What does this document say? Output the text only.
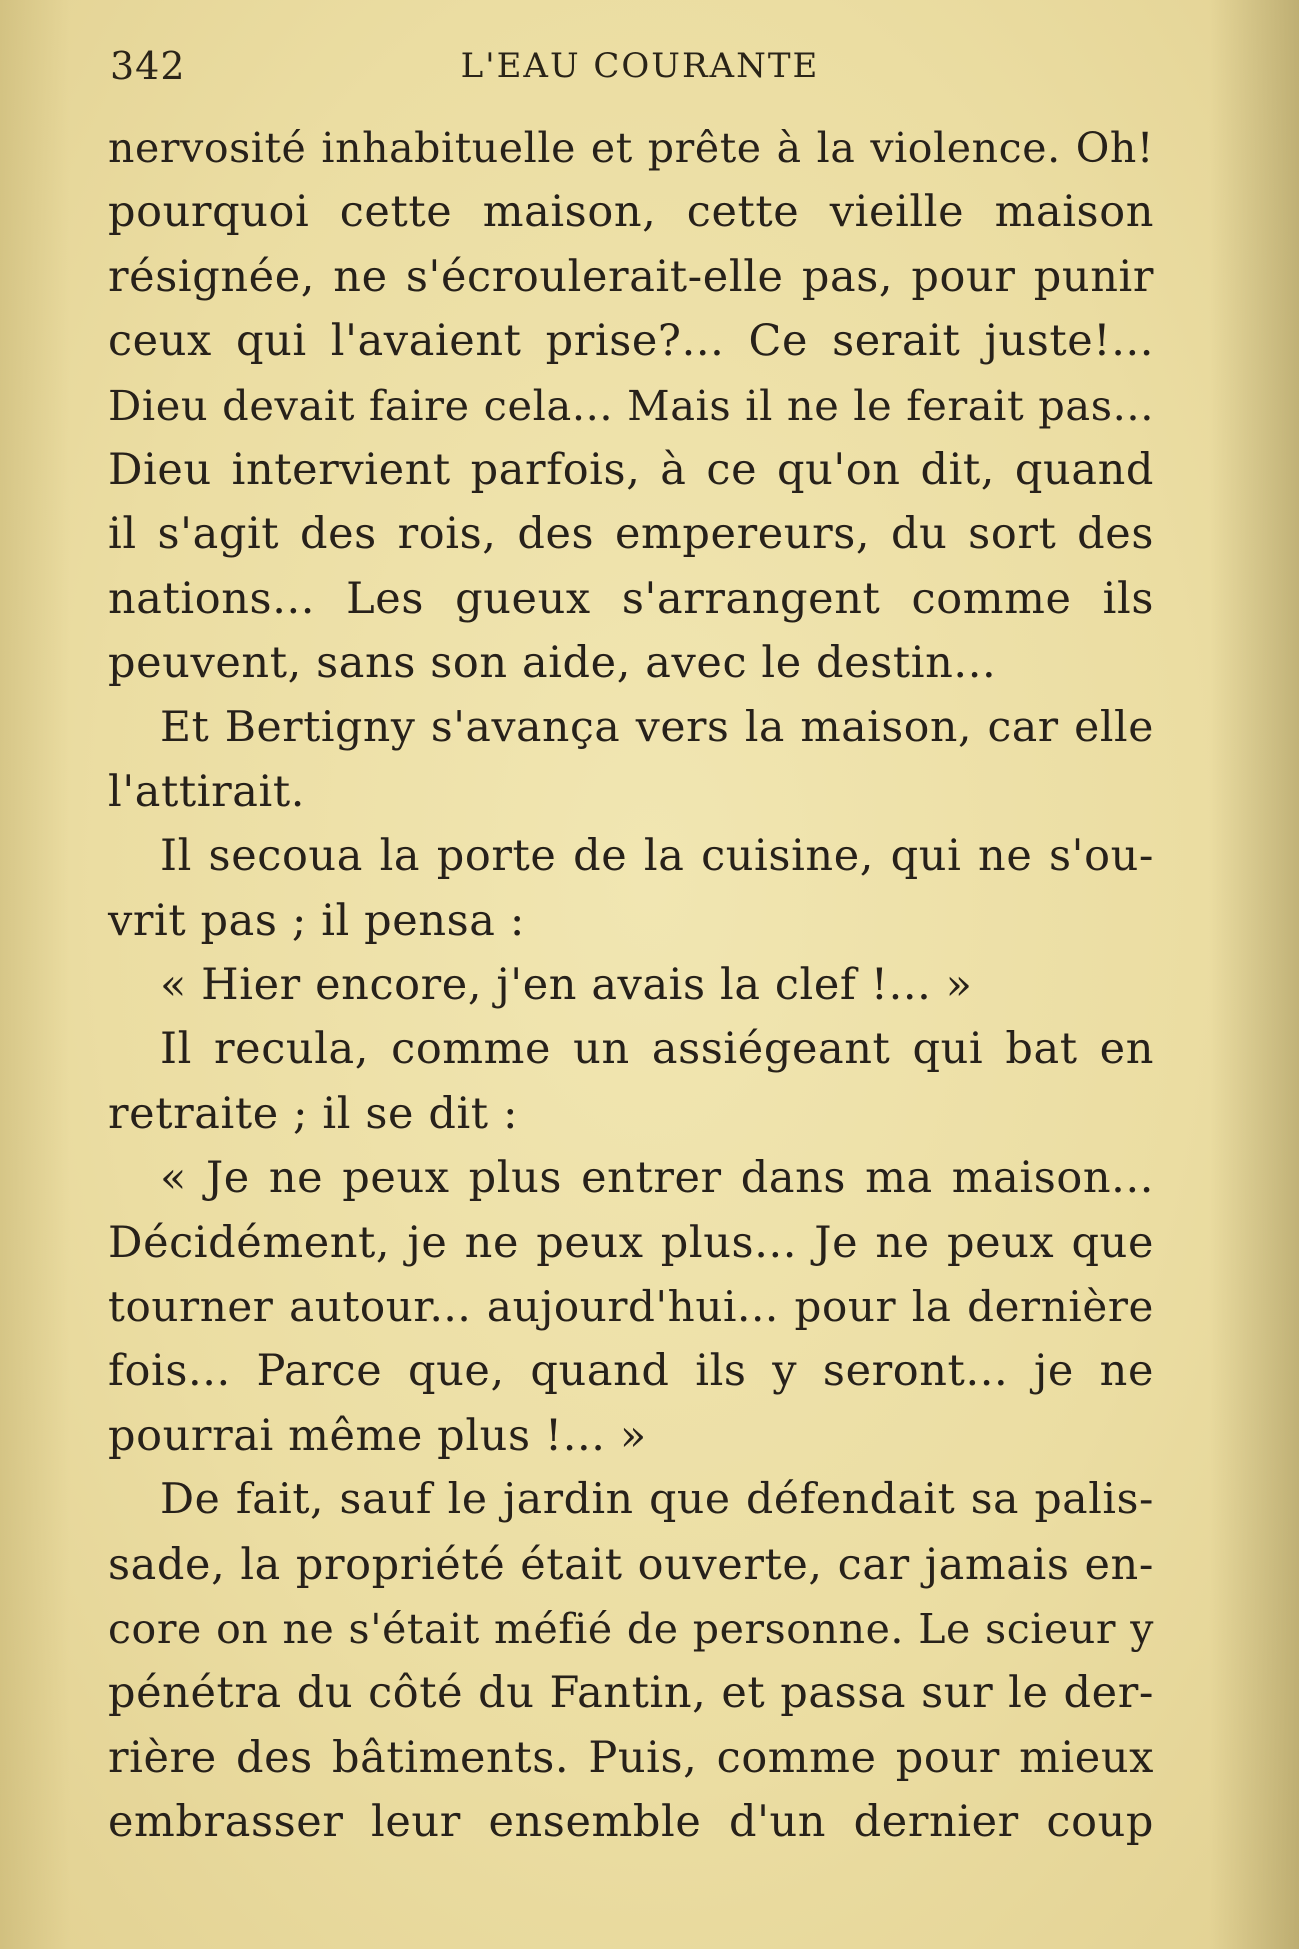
342	L'EAU COURANTE
nervosité inhabituelle et prête à la violence. Oh!
pourquoi cette maison, cette vieille maison
résignée, ne s'écroulerait-elle pas, pour punir
ceux qui l'avaient prise?... Ce serait juste!...
Dieu devait faire cela... Mais il ne le ferait pas...
Dieu intervient parfois, à ce qu'on dit, quand
il s'agit des rois, des empereurs, du sort des
nations... Les gueux s'arrangent comme ils
peuvent, sans son aide, avec le destin...
Et Bertigny s'avança vers la maison, car elle
l'attirait.
Il secoua la porte de la cuisine, qui ne s'ou-
vrit pas ; il pensa :
« Hier encore, j'en avais la clef !... »
Il recula, comme un assiégeant qui bat en
retraite ; il se dit :
« Je ne peux plus entrer dans ma maison...
Décidément, je ne peux plus... Je ne peux que
tourner autour... aujourd'hui... pour la dernière
fois... Parce que, quand ils y seront... je ne
pourrai même plus !... »
De fait, sauf le jardin que défendait sa palis-
sade, la propriété était ouverte, car jamais en-
core on ne s'était méfié de personne. Le scieur y
pénétra du côté du Fantin, et passa sur le der-
rière des bâtiments. Puis, comme pour mieux
embrasser leur ensemble d'un dernier coup
